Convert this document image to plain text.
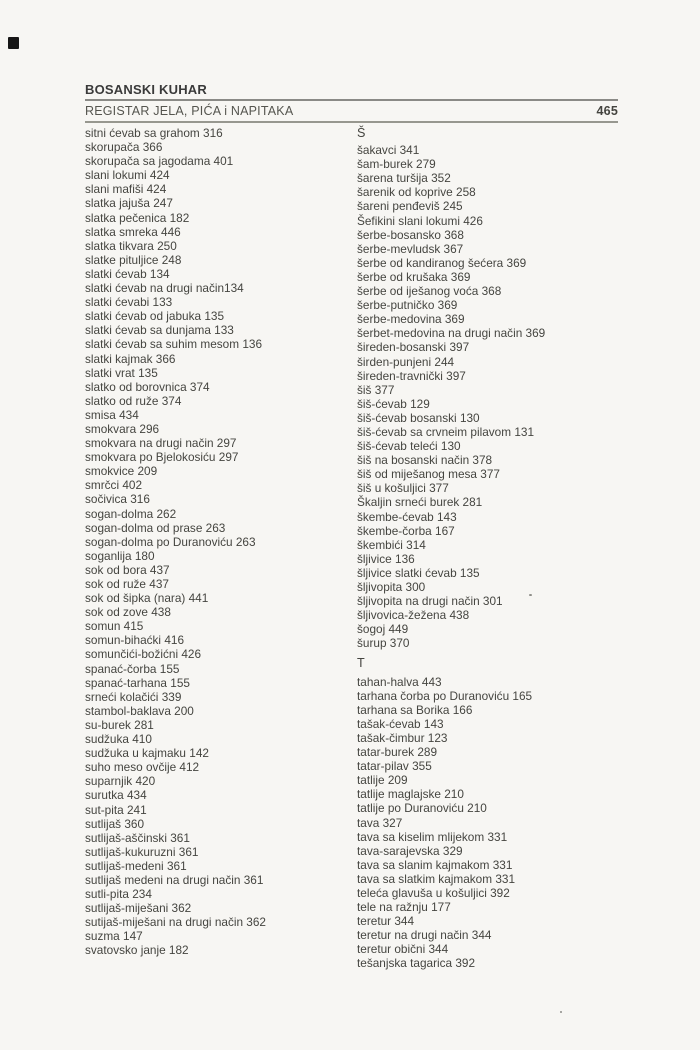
BOSANSKI KUHAR
REGISTAR JELA, PIĆA i NAPITAKA	465
sitni ćevab sa grahom 316
skorupača 366
skorupača sa jagodama 401
slani lokumi 424
slani mafiši 424
slatka jajuša 247
slatka pečenica 182
slatka smreka 446
slatka tikvara 250
slatke pituljice 248
slatki ćevab 134
slatki ćevab na drugi način134
slatki ćevabi 133
slatki ćevab od jabuka 135
slatki ćevab sa dunjama 133
slatki ćevab sa suhim mesom 136
slatki kajmak 366
slatki vrat 135
slatko od borovnica 374
slatko od ruže 374
smisa 434
smokvara 296
smokvara na drugi način 297
smokvara po Bjelokosiću 297
smokvice 209
smrčci 402
sočivica 316
sogan-dolma 262
sogan-dolma od prase 263
sogan-dolma po Duranoviću 263
soganlija 180
sok od bora 437
sok od ruže 437
sok od šipka (nara) 441
sok od zove 438
somun 415
somun-bihaćki 416
somunčići-božićni 426
spanać-čorba 155
spanać-tarhana 155
srneći kolačići 339
stambol-baklava 200
su-burek 281
sudžuka 410
sudžuka u kajmaku 142
suho meso ovčije 412
suparnjik 420
surutka 434
sut-pita 241
sutlijaš 360
sutlijaš-aščinski 361
sutlijaš-kukuruzni 361
sutlijaš-medeni 361
sutlijaš medeni na drugi način 361
sutli-pita 234
sutlijaš-miješani 362
sutijaš-miješani na drugi način 362
suzma 147
svatovsko janje 182
Š
šakavci 341
šam-burek 279
šarena turšija 352
šarenik od koprive 258
šareni penđeviš 245
Šefikini slani lokumi 426
šerbe-bosansko 368
šerbe-mevludsk 367
šerbe od kandiranog šećera 369
šerbe od krušaka 369
šerbe od iješanog voća 368
šerbe-putničko 369
šerbe-medovina 369
šerbet-medovina na drugi način 369
šireden-bosanski 397
širden-punjeni 244
šireden-travnički 397
šiš 377
šiš-ćevab 129
šiš-ćevab bosanski 130
šiš-ćevab sa crvneim pilavom 131
šiš-ćevab teleći 130
šiš na bosanski način 378
šiš od miješanog mesa 377
šiš u košuljici 377
Škaljin srneći burek 281
škembe-ćevab 143
škembe-čorba 167
škembići 314
šljivice 136
šljivice slatki ćevab 135
šljivopita 300
šljivopita na drugi način 301
šljivovica-žežena 438
šogoj 449
šurup 370
T
tahan-halva 443
tarhana čorba po Duranoviću 165
tarhana sa Borika 166
tašak-ćevab 143
tašak-čimbur 123
tatar-burek 289
tatar-pilav 355
tatlije 209
tatlije maglajske 210
tatlije po Duranoviću 210
tava 327
tava sa kiselim mlijekom 331
tava-sarajevska 329
tava sa slanim kajmakom 331
tava sa slatkim kajmakom 331
teleća glavuša u košuljici 392
tele na ražnju 177
teretur 344
teretur na drugi način 344
teretur obični 344
tešanjska tagarica 392
